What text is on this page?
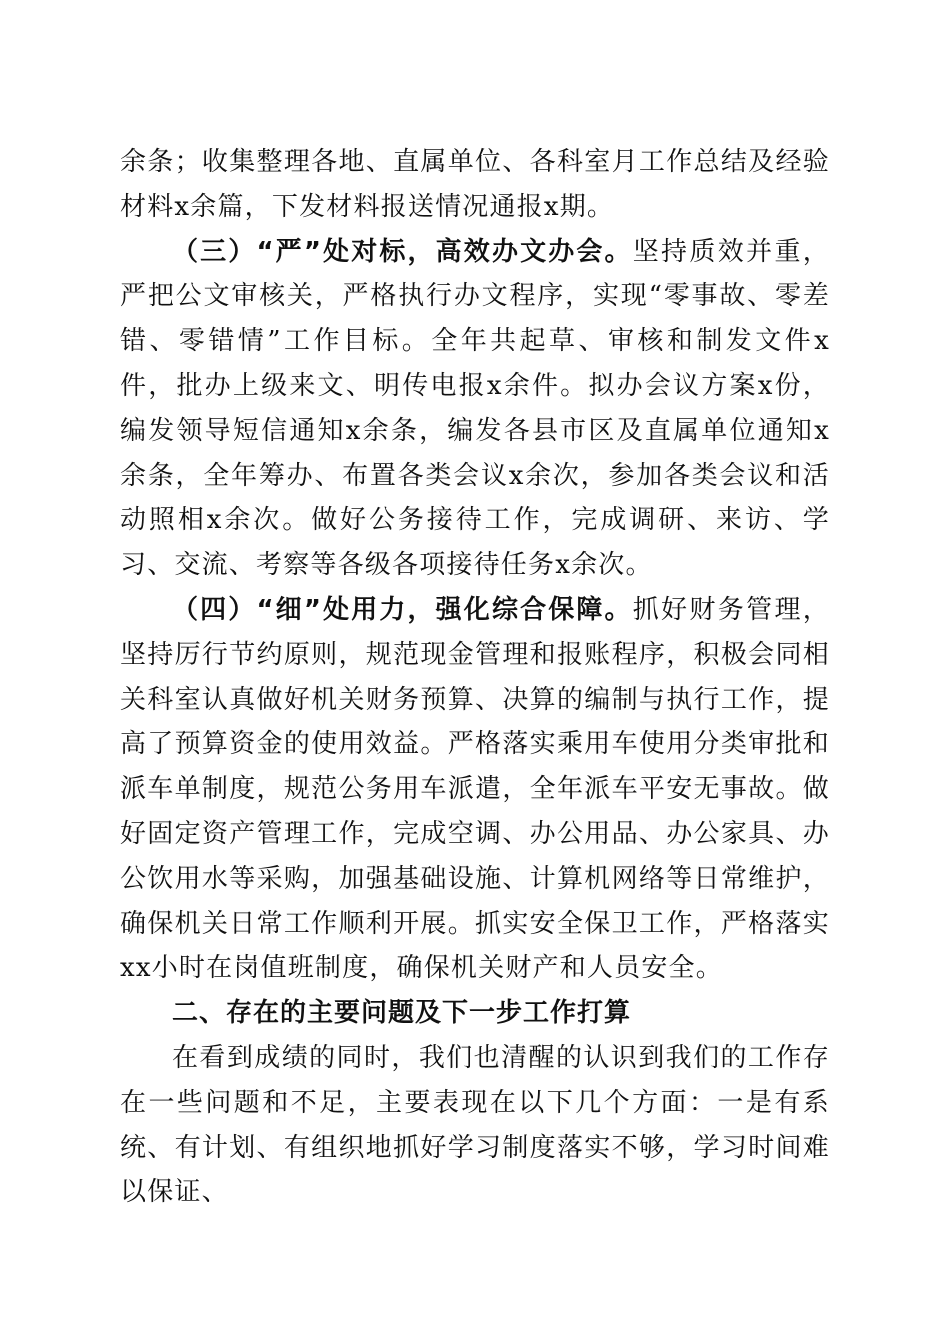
余条；收集整理各地、直属单位、各科室月工作总结及经验材料x余篇，下发材料报送情况通报x期。

（三）“严”处对标，高效办文办会。坚持质效并重，严把公文审核关，严格执行办文程序，实现“零事故、零差错、零错情”工作目标。全年共起草、审核和制发文件x件，批办上级来文、明传电报x余件。拟办会议方案x份，编发领导短信通知x余条，编发各县市区及直属单位通知x余条，全年筹办、布置各类会议x余次，参加各类会议和活动照相x余次。做好公务接待工作，完成调研、来访、学习、交流、考察等各级各项接待任务x余次。

（四）“细”处用力，强化综合保障。抓好财务管理，坚持厉行节约原则，规范现金管理和报账程序，积极会同相关科室认真做好机关财务预算、决算的编制与执行工作，提高了预算资金的使用效益。严格落实乘用车使用分类审批和派车单制度，规范公务用车派遣，全年派车平安无事故。做好固定资产管理工作，完成空调、办公用品、办公家具、办公饮用水等采购，加强基础设施、计算机网络等日常维护，确保机关日常工作顺利开展。抓实安全保卫工作，严格落实xx小时在岗值班制度，确保机关财产和人员安全。

二、存在的主要问题及下一步工作打算

在看到成绩的同时，我们也清醒的认识到我们的工作存在一些问题和不足，主要表现在以下几个方面：一是有系统、有计划、有组织地抓好学习制度落实不够，学习时间难以保证、
